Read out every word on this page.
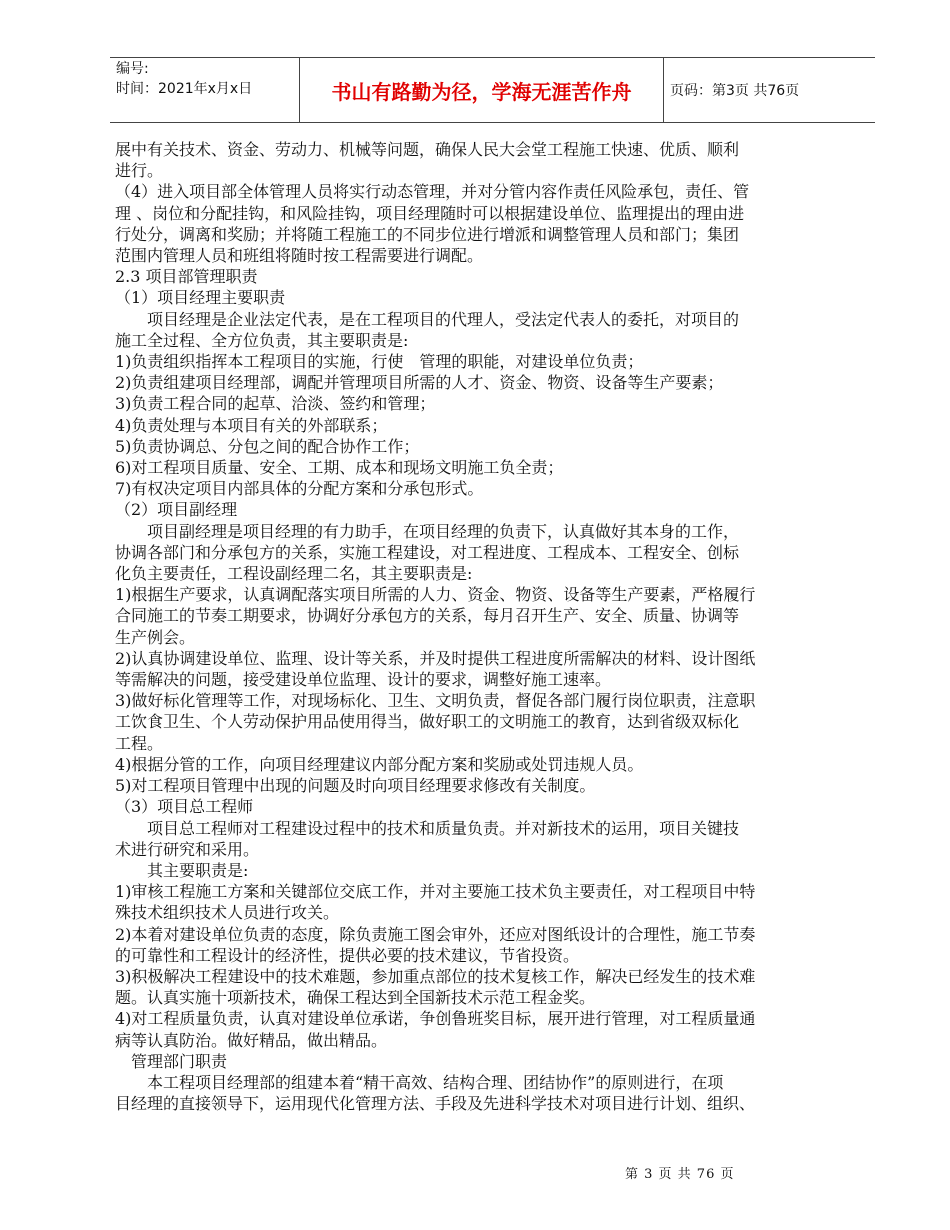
编号:
时间：2021年x月x日	书山有路勤为径，学海无涯苦作舟	页码：第3页 共76页

展中有关技术、资金、劳动力、机械等问题，确保人民大会堂工程施工快速、优质、顺利

进行。

（4）进入项目部全体管理人员将实行动态管理，并对分管内容作责任风险承包，责任、管

理 、岗位和分配挂钩，和风险挂钩，项目经理随时可以根据建设单位、监理提出的理由进

行处分，调离和奖励；并将随工程施工的不同步位进行增派和调整管理人员和部门；集团

范围内管理人员和班组将随时按工程需要进行调配。

2.3 项目部管理职责

（1）项目经理主要职责

　　项目经理是企业法定代表，是在工程项目的代理人，受法定代表人的委托，对项目的

施工全过程、全方位负责，其主要职责是:

1)负责组织指挥本工程项目的实施，行使　管理的职能，对建设单位负责；

2)负责组建项目经理部，调配并管理项目所需的人才、资金、物资、设备等生产要素；

3)负责工程合同的起草、洽淡、签约和管理；

4)负责处理与本项目有关的外部联系；

5)负责协调总、分包之间的配合协作工作；

6)对工程项目质量、安全、工期、成本和现场文明施工负全责；

7)有权决定项目内部具体的分配方案和分承包形式。

（2）项目副经理

　　项目副经理是项目经理的有力助手，在项目经理的负责下，认真做好其本身的工作，

协调各部门和分承包方的关系，实施工程建设，对工程进度、工程成本、工程安全、创标

化负主要责任，工程设副经理二名，其主要职责是:

1)根据生产要求，认真调配落实项目所需的人力、资金、物资、设备等生产要素，严格履行

合同施工的节奏工期要求，协调好分承包方的关系，每月召开生产、安全、质量、协调等

生产例会。

2)认真协调建设单位、监理、设计等关系，并及时提供工程进度所需解决的材料、设计图纸

等需解决的问题，接受建设单位监理、设计的要求，调整好施工速率。

3)做好标化管理等工作，对现场标化、卫生、文明负责，督促各部门履行岗位职责，注意职

工饮食卫生、个人劳动保护用品使用得当，做好职工的文明施工的教育，达到省级双标化

工程。

4)根据分管的工作，向项目经理建议内部分配方案和奖励或处罚违规人员。

5)对工程项目管理中出现的问题及时向项目经理要求修改有关制度。

（3）项目总工程师

　　项目总工程师对工程建设过程中的技术和质量负责。并对新技术的运用，项目关键技

术进行研究和采用。

　　其主要职责是:

1)审核工程施工方案和关键部位交底工作，并对主要施工技术负主要责任，对工程项目中特

殊技术组织技术人员进行攻关。

2)本着对建设单位负责的态度，除负责施工图会审外，还应对图纸设计的合理性，施工节奏

的可靠性和工程设计的经济性，提供必要的技术建议，节省投资。

3)积极解决工程建设中的技术难题，参加重点部位的技术复核工作，解决已经发生的技术难

题。认真实施十项新技术，确保工程达到全国新技术示范工程金奖。

4)对工程质量负责，认真对建设单位承诺，争创鲁班奖目标，展开进行管理，对工程质量通

病等认真防治。做好精品，做出精品。

　管理部门职责

　　本工程项目经理部的组建本着“精干高效、结构合理、团结协作”的原则进行，在项

目经理的直接领导下，运用现代化管理方法、手段及先进科学技术对项目进行计划、组织、

第 3 页 共 76 页
